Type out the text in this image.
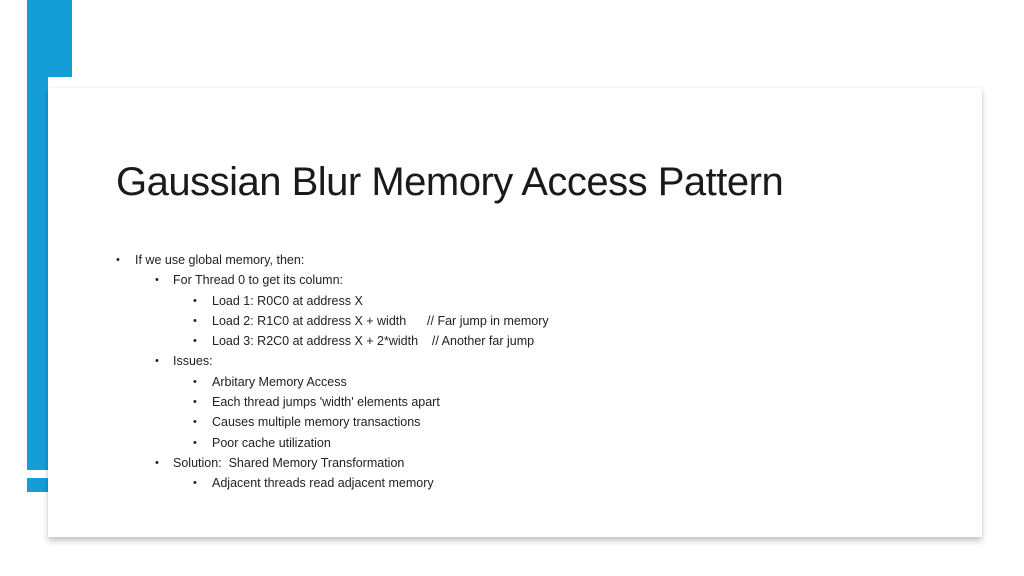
Gaussian Blur Memory Access Pattern
• If we use global memory, then:
• For Thread 0 to get its column:
• Load 1: R0C0 at address X
• Load 2: R1C0 at address X + width      // Far jump in memory
• Load 3: R2C0 at address X + 2*width    // Another far jump
• Issues:
• Arbitary Memory Access
• Each thread jumps 'width' elements apart
• Causes multiple memory transactions
• Poor cache utilization
• Solution:  Shared Memory Transformation
• Adjacent threads read adjacent memory
